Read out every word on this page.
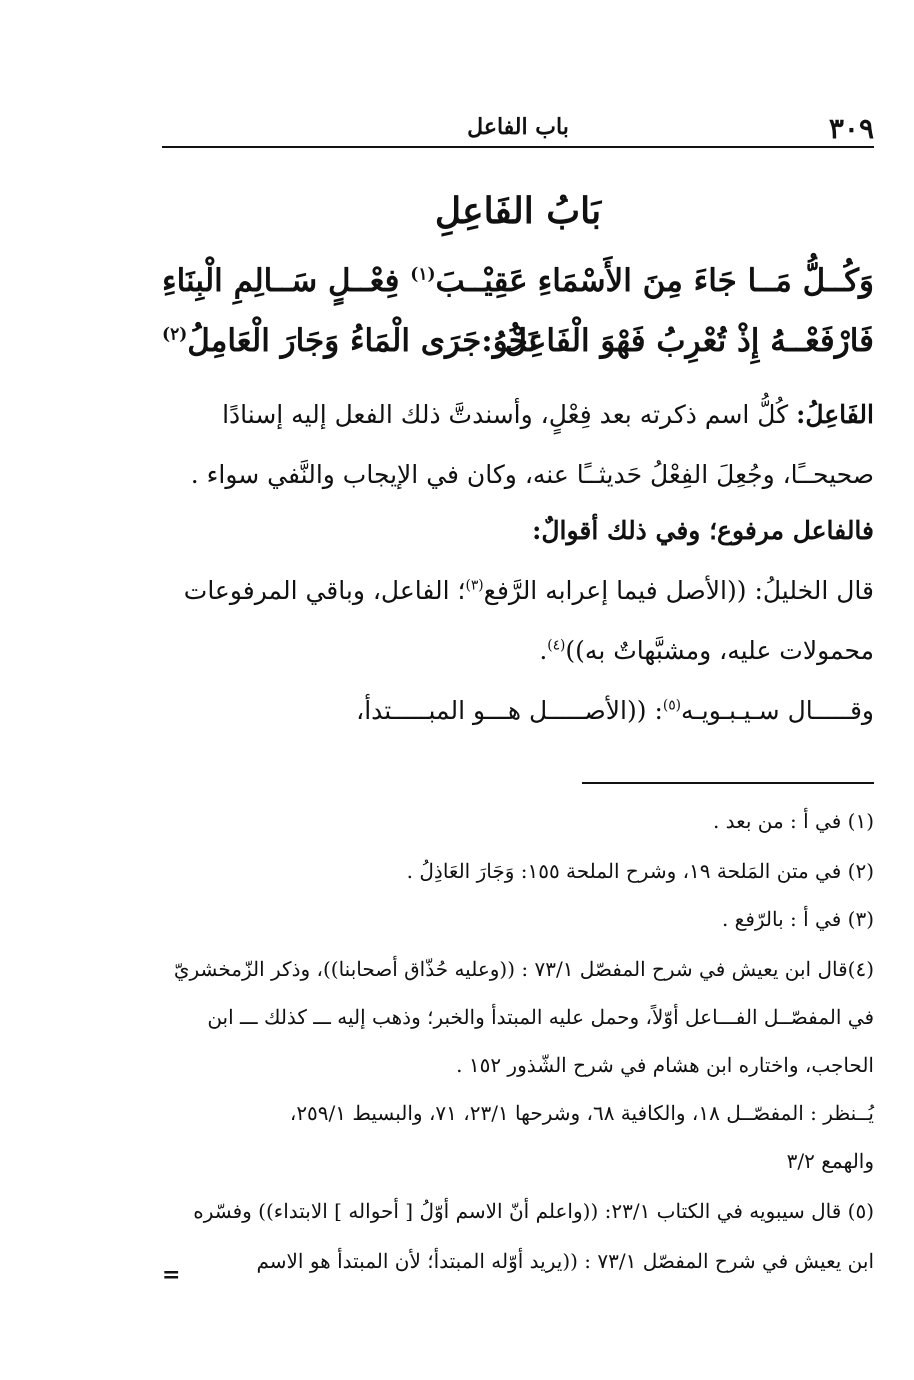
٣٠٩
باب الفاعل
بَابُ الفَاعِلِ
وَكُــلُّ مَــا جَاءَ مِنَ الأَسْمَاءِ
عَقِيْــبَ$^{(١)}$ فِعْــلٍ سَــالِمِ الْبِنَاءِ
فَارْفَعْــهُ إِذْ تُعْرِبُ فَهْوَ الْفَاعِلُ
نَحْوُ:جَرَى الْمَاءُ وَجَارَ الْعَامِلُ$^{(٢)}$
الفَاعِلُ: كُلُّ اسم ذكرته بعد فِعْلٍ، وأسندتَّ ذلك الفعل إليه إسنادًا
صحيحــًا، وجُعِلَ الفِعْلُ حَديثــًا عنه، وكان في الإيجاب والنَّفي سواء .
فالفاعل مرفوع؛ وفي ذلك أقوالٌ:
قال الخليلُ: ((الأصل فيما إعرابه الرَّفع$^{(٣)}$؛ الفاعل، وباقي المرفوعات
محمولات عليه، ومشبَّهاتٌ به))$^{(٤)}$.
وقـــــال سـيـبـويـه$^{(٥)}$: ((الأصـــــل هـــو المبـــــتدأ،
(١) في أ : من بعد .
(٢) في متن المَلحة ١٩، وشرح الملحة ١٥٥: وَجَارَ العَاذِلُ .
(٣) في أ : بالرّفع .
(٤)قال ابن يعيش في شرح المفصّل ٧٣/١ : ((وعليه حُذّاق أصحابنا))، وذكر الزّمخشريّ
في المفصّــل الفـــاعل أوّلاً، وحمل عليه المبتدأ والخبر؛ وذهب إليه ـــ كذلك ـــ ابن
الحاجب، واختاره ابن هشام في شرح الشّذور ١٥٢ .
يُــنظر : المفصّــل ١٨، والكافية ٦٨، وشرحها ٢٣/١، ٧١، والبسيط ٢٥٩/١،
والهمع ٣/٢
(٥) قال سيبويه في الكتاب ٢٣/١: ((واعلم أنّ الاسم أوّلُ [ أحواله ] الابتداء)) وفسّره
ابن يعيش في شرح المفصّل ٧٣/١ : ((يريد أوّله المبتدأ؛ لأن المبتدأ هو الاسم
=
